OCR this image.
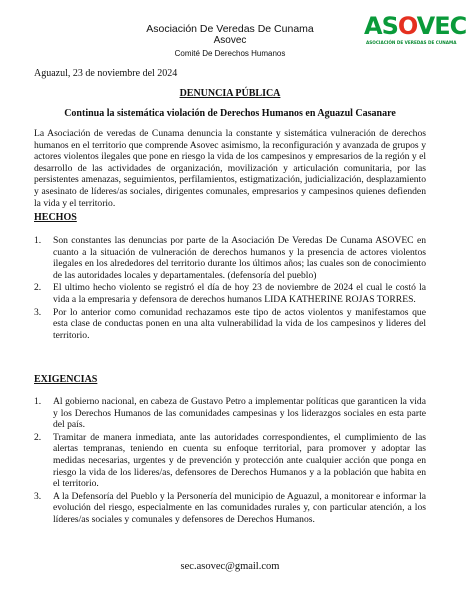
Asociación De Veredas De Cunama
Asovec
Comité De Derechos Humanos
ASOVEC
ASOCIACIÓN DE VEREDAS DE CUNAMA
Aguazul, 23 de noviembre del 2024
DENUNCIA PÚBLICA
Continua la sistemática violación de Derechos Humanos en Aguazul Casanare
La Asociación de veredas de Cunama denuncia la constante y sistemática vulneración de derechos humanos en el territorio que comprende Asovec asimismo, la reconfiguración y avanzada de grupos y actores violentos ilegales que pone en riesgo la vida de los campesinos y empresarios de la región y el desarrollo de las actividades de organización, movilización y articulación comunitaria, por las persistentes amenazas, seguimientos, perfilamientos, estigmatización, judicialización, desplazamiento y asesinato de líderes/as sociales, dirigentes comunales, empresarios y campesinos quienes defienden la vida y el territorio.
HECHOS
1. Son constantes las denuncias por parte de la Asociación De Veredas De Cunama ASOVEC en cuanto a la situación de vulneración de derechos humanos y la presencia de actores violentos ilegales en los alrededores del territorio durante los últimos años; las cuales son de conocimiento de las autoridades locales y departamentales. (defensoría del pueblo)
2. El ultimo hecho violento se registró el día de hoy 23 de noviembre de 2024 el cual le costó la vida a la empresaria y defensora de derechos humanos LIDA KATHERINE ROJAS TORRES.
3. Por lo anterior como comunidad rechazamos este tipo de actos violentos y manifestamos que esta clase de conductas ponen en una alta vulnerabilidad la vida de los campesinos y lideres del territorio.
EXIGENCIAS
1. Al gobierno nacional, en cabeza de Gustavo Petro a implementar políticas que garanticen la vida y los Derechos Humanos de las comunidades campesinas y los liderazgos sociales en esta parte del país.
2. Tramitar de manera inmediata, ante las autoridades correspondientes, el cumplimiento de las alertas tempranas, teniendo en cuenta su enfoque territorial, para promover y adoptar las medidas necesarias, urgentes y de prevención y protección ante cualquier acción que ponga en riesgo la vida de los lideres/as, defensores de Derechos Humanos y a la población que habita en el territorio.
3. A la Defensoría del Pueblo y la Personería del municipio de Aguazul, a monitorear e informar la evolución del riesgo, especialmente en las comunidades rurales y, con particular atención, a los líderes/as sociales y comunales y defensores de Derechos Humanos.
sec.asovec@gmail.com
